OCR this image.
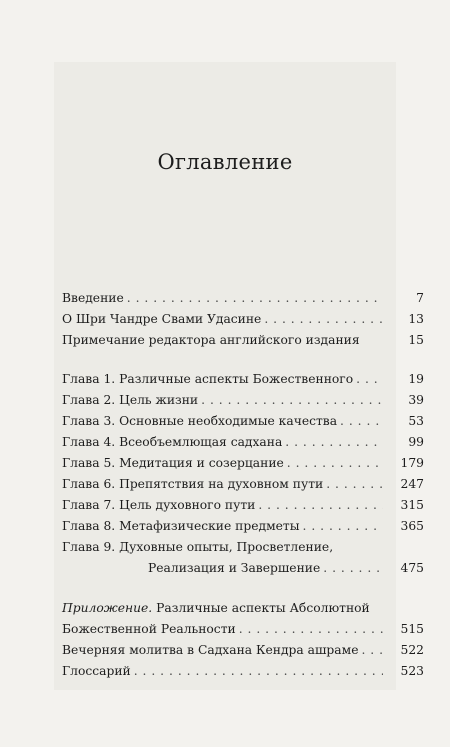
Оглавление
Введение . . .	7
О Шри Чандре Свами Удасине . . .	13
Примечание редактора английского издания	15
Глава 1. Различные аспекты Божественного . . .	19
Глава 2. Цель жизни . . .	39
Глава 3. Основные необходимые качества . . .	53
Глава 4. Всеобъемлющая садхана . . .	99
Глава 5. Медитация и созерцание . . .	179
Глава 6. Препятствия на духовном пути . . .	247
Глава 7. Цель духовного пути . . .	315
Глава 8. Метафизические предметы . . .	365
Глава 9. Духовные опыты, Просветление,
Реализация и Завершение . . .	475
Приложение. Различные аспекты Абсолютной
Божественной Реальности . . .	515
Вечерняя молитва в Садхана Кендра ашраме . . .	522
Глоссарий . . .	523
